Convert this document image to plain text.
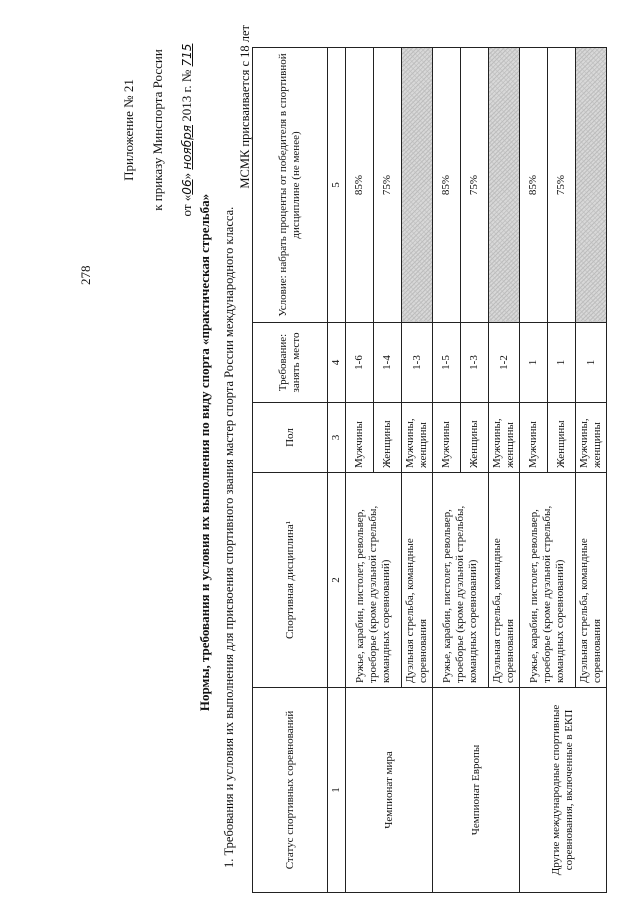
278
Приложение № 21	к приказу Минспорта России	от «06» ноября 2013 г. № 715
Нормы, требования и условия их выполнения по виду спорта «практическая стрельба» 1. Требования и условия их выполнения для присвоения спортивного звания мастер спорта России международного класса.
МСМК присваивается с 18 лет
Статус спортивных соревнований	Спортивная дисциплина¹	Пол	Требование: занять место	Условие: набрать проценты от победителя в спортивной дисциплине (не менее)
1	2	3	4	5
Чемпионат мира	Ружье, карабин, пистолет, револьвер, троеборье (кроме дуэльной стрельбы, командных соревнований)	Мужчины	1-6	85%
		Женщины	1-4	75%
	Дуэльная стрельба, командные соревнования	Мужчины, женщины	1-3	
Чемпионат Европы	Ружье, карабин, пистолет, револьвер, троеборье (кроме дуэльной стрельбы, командных соревнований)	Мужчины	1-5	85%
		Женщины	1-3	75%
	Дуэльная стрельба, командные соревнования	Мужчины, женщины	1-2	
Другие международные спортивные соревнования, включенные в ЕКП	Ружье, карабин, пистолет, револьвер, троеборье (кроме дуэльной стрельбы, командных соревнований)	Мужчины	1	85%
		Женщины	1	75%
	Дуэльная стрельба, командные соревнования	Мужчины, женщины	1	
